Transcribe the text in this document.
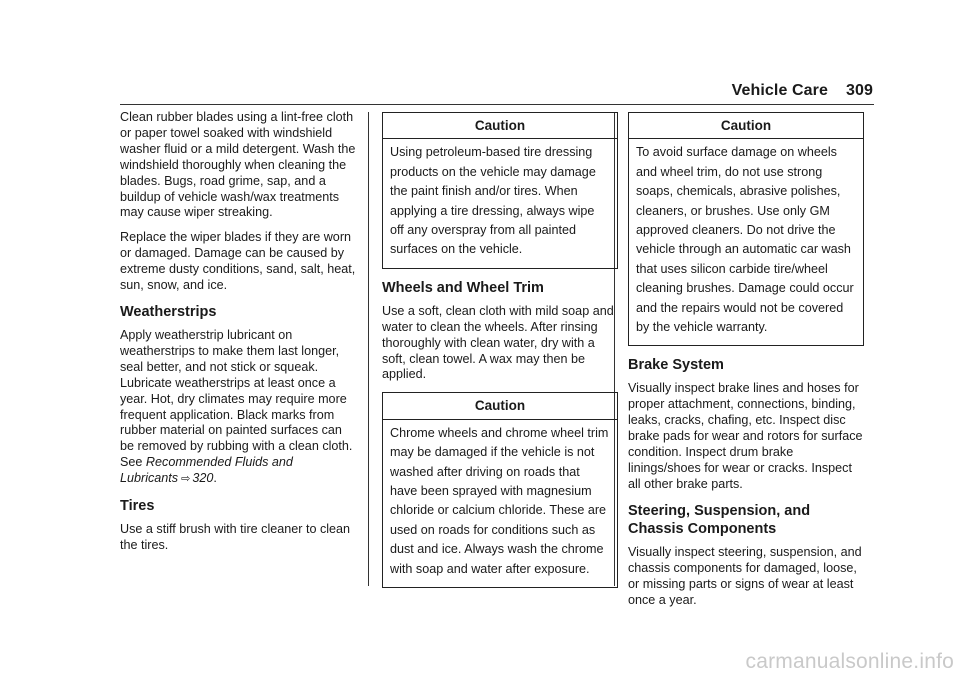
Vehicle Care 309

Clean rubber blades using a lint-free cloth or paper towel soaked with windshield washer fluid or a mild detergent. Wash the windshield thoroughly when cleaning the blades. Bugs, road grime, sap, and a buildup of vehicle wash/wax treatments may cause wiper streaking.

Replace the wiper blades if they are worn or damaged. Damage can be caused by extreme dusty conditions, sand, salt, heat, sun, snow, and ice.

Weatherstrips

Apply weatherstrip lubricant on weatherstrips to make them last longer, seal better, and not stick or squeak. Lubricate weatherstrips at least once a year. Hot, dry climates may require more frequent application. Black marks from rubber material on painted surfaces can be removed by rubbing with a clean cloth. See Recommended Fluids and Lubricants ⇨ 320.

Tires

Use a stiff brush with tire cleaner to clean the tires.

Caution
Using petroleum-based tire dressing products on the vehicle may damage the paint finish and/or tires. When applying a tire dressing, always wipe off any overspray from all painted surfaces on the vehicle.
Wheels and Wheel Trim

Use a soft, clean cloth with mild soap and water to clean the wheels. After rinsing thoroughly with clean water, dry with a soft, clean towel. A wax may then be applied.

Caution
Chrome wheels and chrome wheel trim may be damaged if the vehicle is not washed after driving on roads that have been sprayed with magnesium chloride or calcium chloride. These are used on roads for conditions such as dust and ice. Always wash the chrome with soap and water after exposure.
Caution
To avoid surface damage on wheels and wheel trim, do not use strong soaps, chemicals, abrasive polishes, cleaners, or brushes. Use only GM approved cleaners. Do not drive the vehicle through an automatic car wash that uses silicon carbide tire/wheel cleaning brushes. Damage could occur and the repairs would not be covered by the vehicle warranty.
Brake System

Visually inspect brake lines and hoses for proper attachment, connections, binding, leaks, cracks, chafing, etc. Inspect disc brake pads for wear and rotors for surface condition. Inspect drum brake linings/shoes for wear or cracks. Inspect all other brake parts.

Steering, Suspension, and Chassis Components

Visually inspect steering, suspension, and chassis components for damaged, loose, or missing parts or signs of wear at least once a year.

carmanualsonline.info
